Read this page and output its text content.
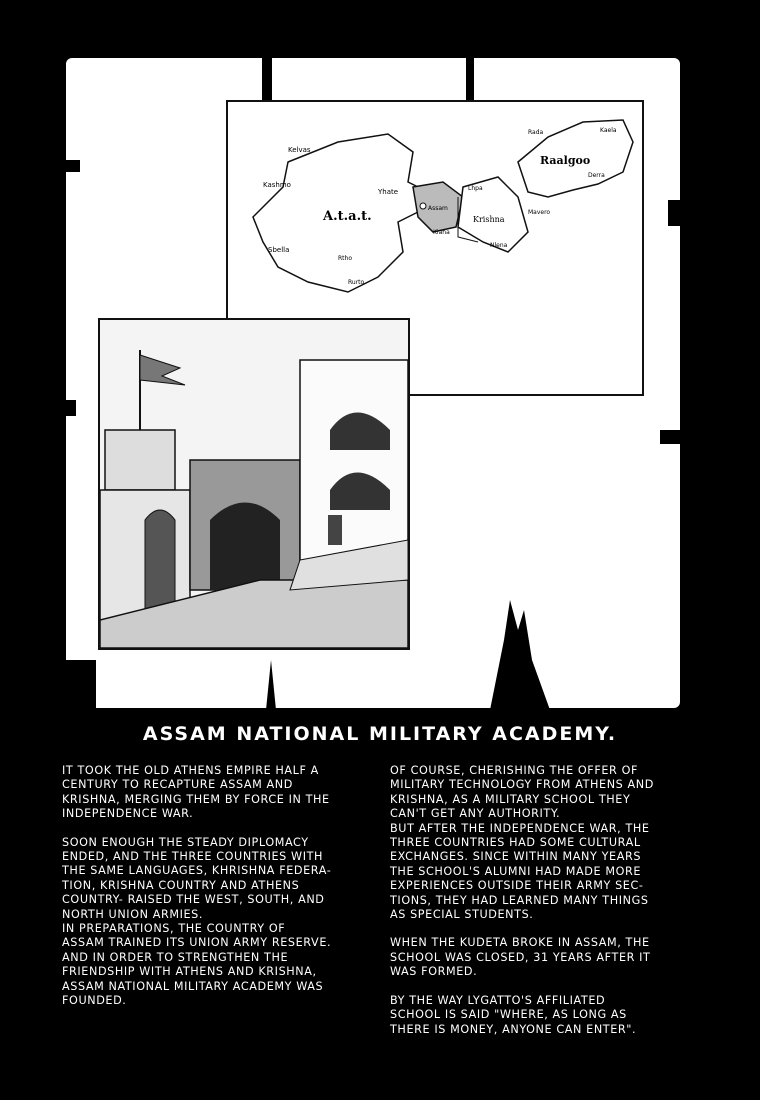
Kelvas
Kashmo
Yhate
Sbella
A.t.a.t.
Assam
Krishna
Rurto
Kiana
Lhpa
Nlena
Rada
Raalgoo
Kaela
Derra
Mavero
Rtho
ASSAM NATIONAL MILITARY ACADEMY.

IT TOOK THE OLD ATHENS EMPIRE HALF A
CENTURY TO RECAPTURE ASSAM AND
KRISHNA, MERGING THEM BY FORCE IN THE
INDEPENDENCE WAR.

SOON ENOUGH THE STEADY DIPLOMACY
ENDED, AND THE THREE COUNTRIES WITH
THE SAME LANGUAGES, KHRISHNA FEDERA-
TION, KRISHNA COUNTRY AND ATHENS
COUNTRY- RAISED THE WEST, SOUTH, AND
NORTH UNION ARMIES.
IN PREPARATIONS, THE COUNTRY OF
ASSAM TRAINED ITS UNION ARMY RESERVE.
AND IN ORDER TO STRENGTHEN THE
FRIENDSHIP WITH ATHENS AND KRISHNA,
ASSAM NATIONAL MILITARY ACADEMY WAS
FOUNDED.

OF COURSE, CHERISHING THE OFFER OF
MILITARY TECHNOLOGY FROM ATHENS AND
KRISHNA, AS A MILITARY SCHOOL THEY
CAN'T GET ANY AUTHORITY.
BUT AFTER THE INDEPENDENCE WAR, THE
THREE COUNTRIES HAD SOME CULTURAL
EXCHANGES. SINCE WITHIN MANY YEARS
THE SCHOOL'S ALUMNI HAD MADE MORE
EXPERIENCES OUTSIDE THEIR ARMY SEC-
TIONS, THEY HAD LEARNED MANY THINGS
AS SPECIAL STUDENTS.

WHEN THE KUDETA BROKE IN ASSAM, THE
SCHOOL WAS CLOSED, 31 YEARS AFTER IT
WAS FORMED.

BY THE WAY LYGATTO'S AFFILIATED
SCHOOL IS SAID "WHERE, AS LONG AS
THERE IS MONEY, ANYONE CAN ENTER".
